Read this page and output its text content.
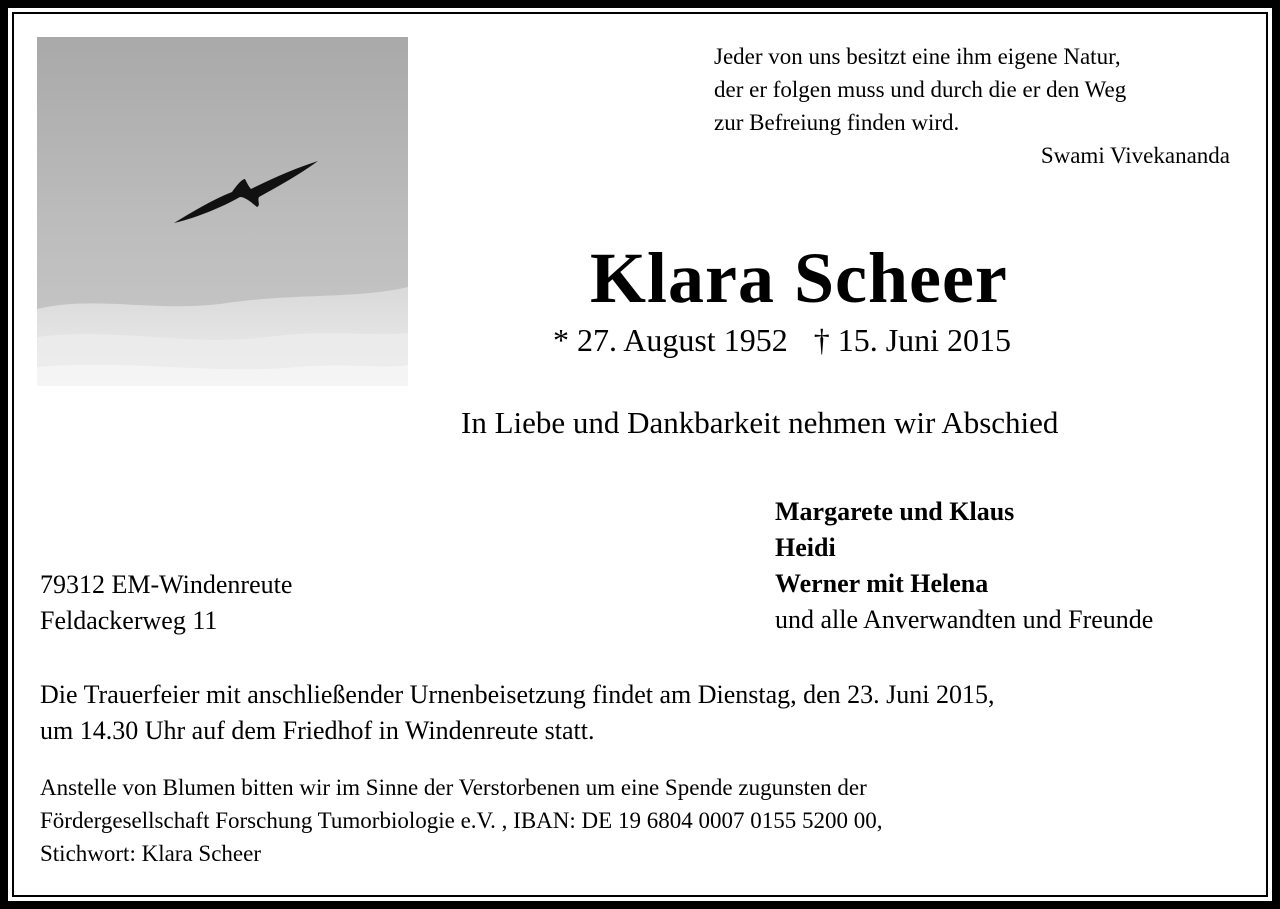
Jeder von uns besitzt eine ihm eigene Natur,
der er folgen muss und durch die er den Weg
zur Befreiung finden wird.
Swami Vivekananda
Klara Scheer
* 27. August 1952 † 15. Juni 2015
In Liebe und Dankbarkeit nehmen wir Abschied
Margarete und Klaus
Heidi
Werner mit Helena
und alle Anverwandten und Freunde
79312 EM-Windenreute
Feldackerweg 11
Die Trauerfeier mit anschließender Urnenbeisetzung findet am Dienstag, den 23. Juni 2015,
um 14.30 Uhr auf dem Friedhof in Windenreute statt.
Anstelle von Blumen bitten wir im Sinne der Verstorbenen um eine Spende zugunsten der
Fördergesellschaft Forschung Tumorbiologie e.V. , IBAN: DE 19 6804 0007 0155 5200 00,
Stichwort: Klara Scheer
